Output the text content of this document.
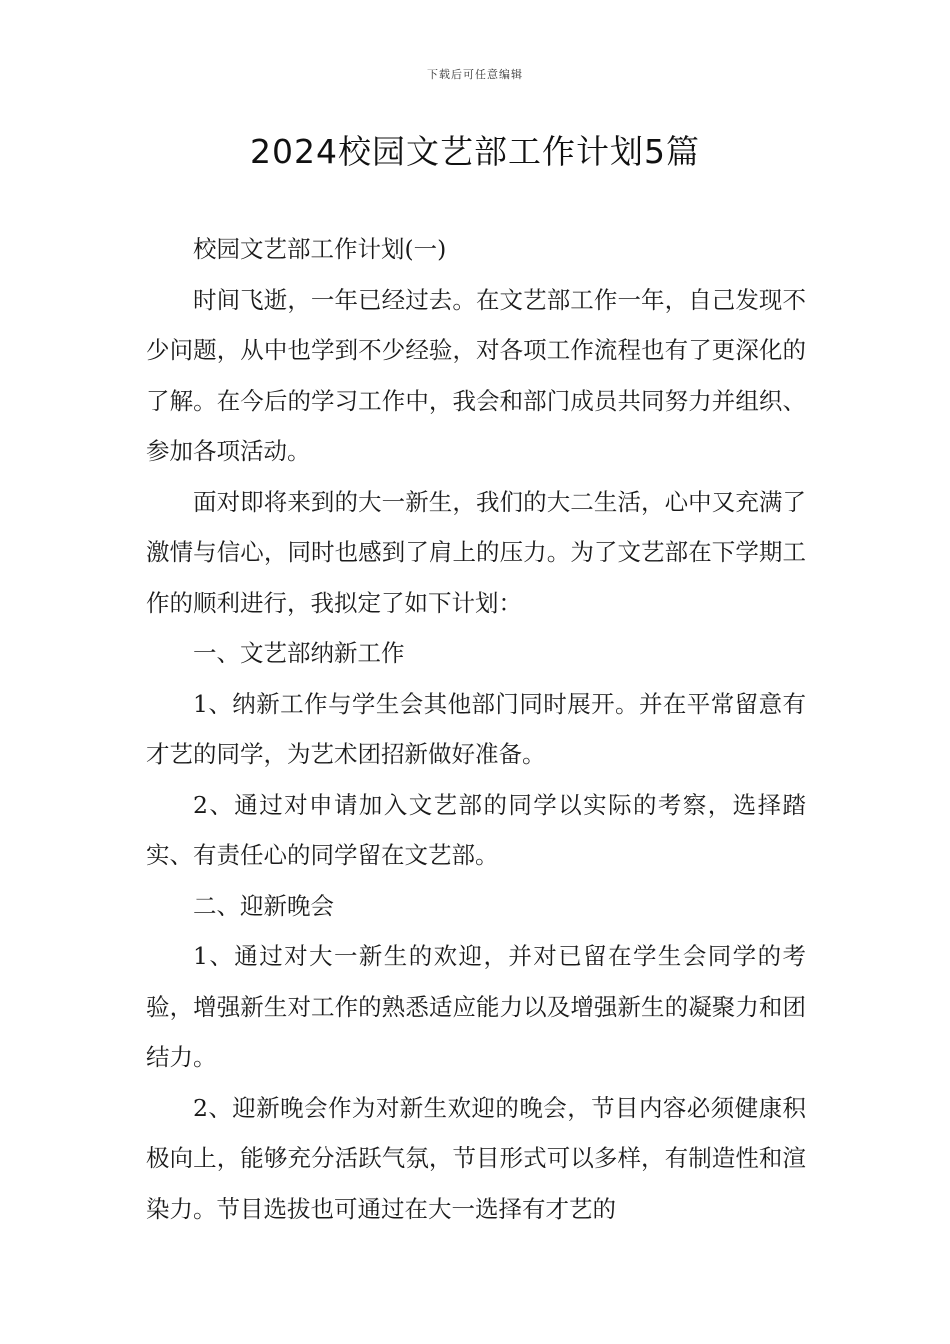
下载后可任意编辑
2024校园文艺部工作计划5篇

校园文艺部工作计划(一)

时间飞逝，一年已经过去。在文艺部工作一年，自己发现不少问题，从中也学到不少经验，对各项工作流程也有了更深化的了解。在今后的学习工作中，我会和部门成员共同努力并组织、参加各项活动。

面对即将来到的大一新生，我们的大二生活，心中又充满了激情与信心，同时也感到了肩上的压力。为了文艺部在下学期工作的顺利进行，我拟定了如下计划：

一、文艺部纳新工作

1、纳新工作与学生会其他部门同时展开。并在平常留意有才艺的同学，为艺术团招新做好准备。

2、通过对申请加入文艺部的同学以实际的考察，选择踏实、有责任心的同学留在文艺部。

二、迎新晚会

1、通过对大一新生的欢迎，并对已留在学生会同学的考验，增强新生对工作的熟悉适应能力以及增强新生的凝聚力和团结力。

2、迎新晚会作为对新生欢迎的晚会，节目内容必须健康积极向上，能够充分活跃气氛，节目形式可以多样，有制造性和渲染力。节目选拔也可通过在大一选择有才艺的
